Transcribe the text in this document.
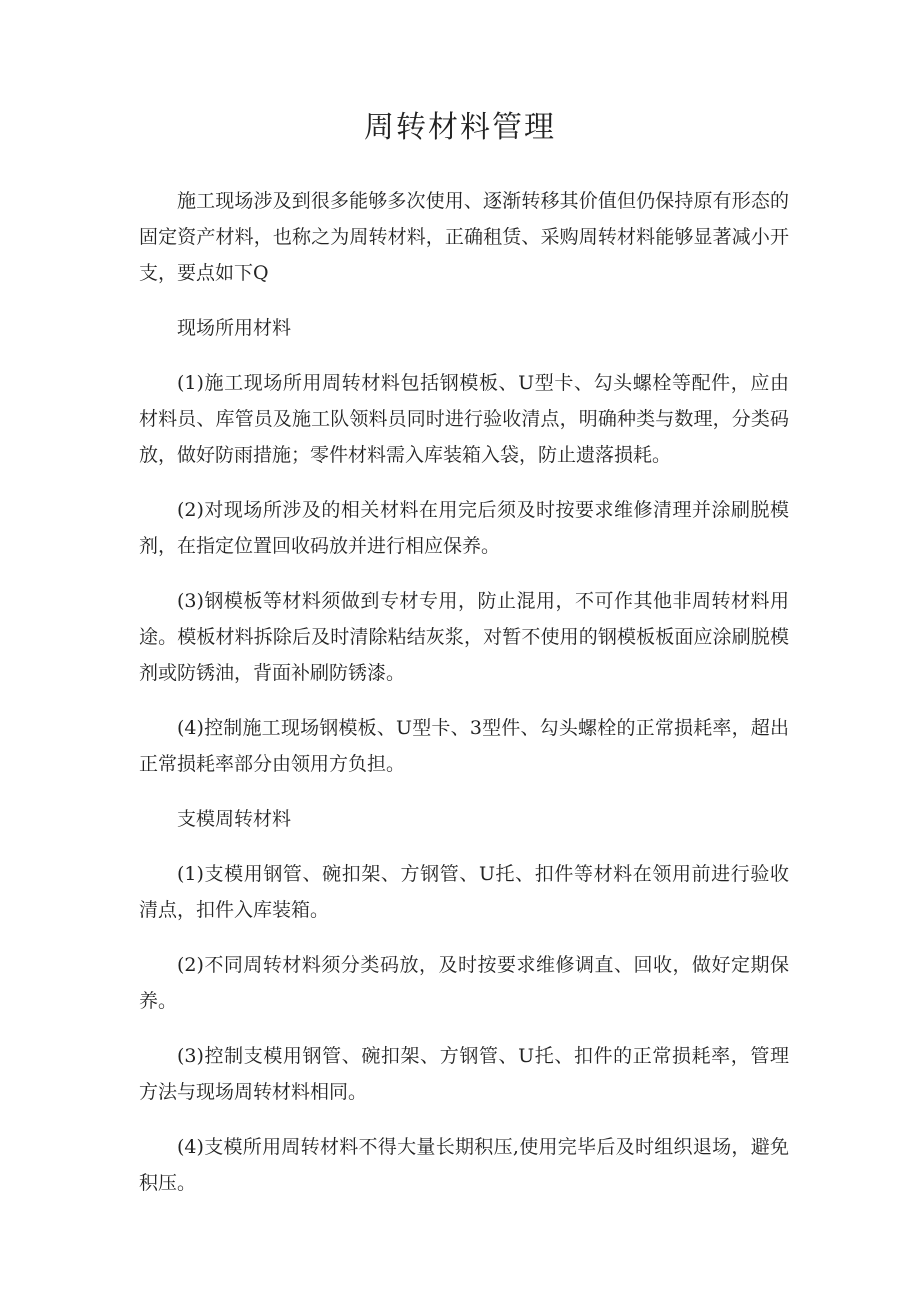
周转材料管理

施工现场涉及到很多能够多次使用、逐渐转移其价值但仍保持原有形态的固定资产材料，也称之为周转材料，正确租赁、采购周转材料能够显著减小开支，要点如下Q

现场所用材料

(1)施工现场所用周转材料包括钢模板、U型卡、勾头螺栓等配件，应由材料员、库管员及施工队领料员同时进行验收清点，明确种类与数理，分类码放，做好防雨措施；零件材料需入库装箱入袋，防止遗落损耗。

(2)对现场所涉及的相关材料在用完后须及时按要求维修清理并涂刷脱模剂，在指定位置回收码放并进行相应保养。

(3)钢模板等材料须做到专材专用，防止混用，不可作其他非周转材料用途。模板材料拆除后及时清除粘结灰浆，对暂不使用的钢模板板面应涂刷脱模剂或防锈油，背面补刷防锈漆。

(4)控制施工现场钢模板、U型卡、3型件、勾头螺栓的正常损耗率，超出正常损耗率部分由领用方负担。

支模周转材料

(1)支模用钢管、碗扣架、方钢管、U托、扣件等材料在领用前进行验收清点，扣件入库装箱。

(2)不同周转材料须分类码放，及时按要求维修调直、回收，做好定期保养。

(3)控制支模用钢管、碗扣架、方钢管、U托、扣件的正常损耗率，管理方法与现场周转材料相同。

(4)支模所用周转材料不得大量长期积压,使用完毕后及时组织退场，避免积压。
